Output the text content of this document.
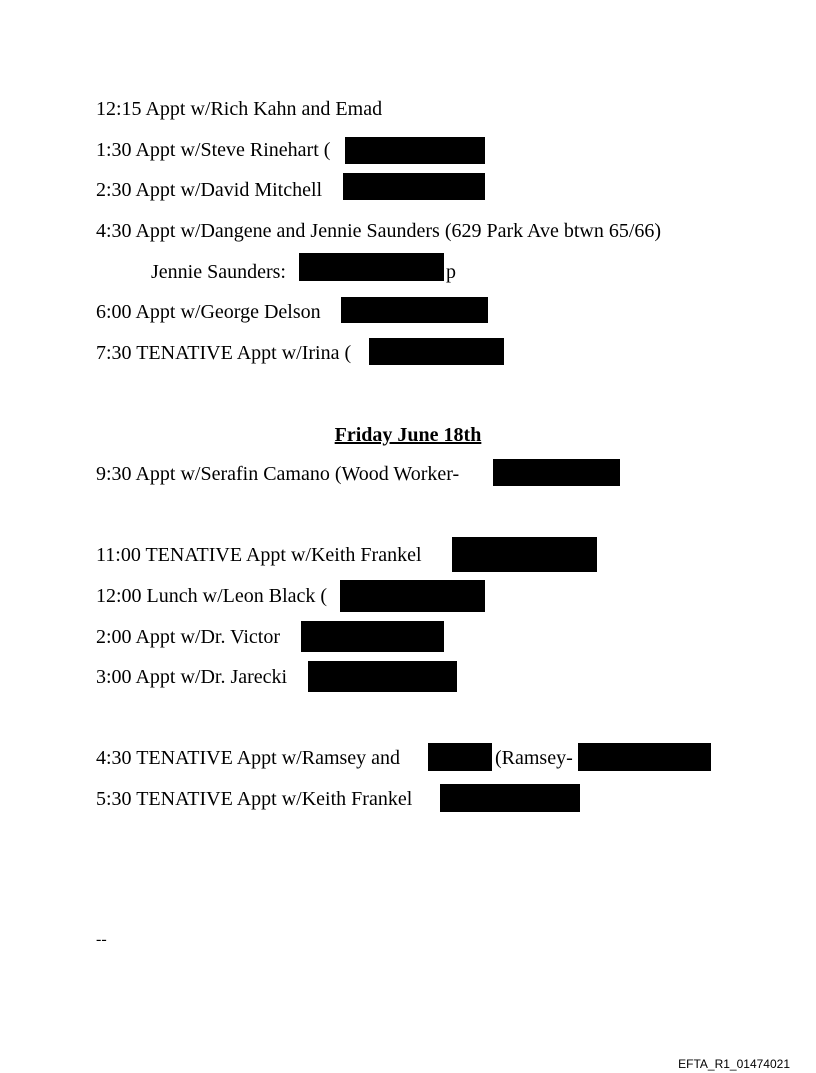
12:15 Appt w/Rich Kahn and Emad
1:30 Appt w/Steve Rinehart (
2:30 Appt w/David Mitchell
4:30 Appt w/Dangene and Jennie Saunders (629 Park Ave btwn 65/66)
Jennie Saunders:	p
6:00 Appt w/George Delson
7:30 TENATIVE Appt w/Irina (
Friday June 18th
9:30 Appt w/Serafin Camano (Wood Worker-
11:00 TENATIVE Appt w/Keith Frankel
12:00 Lunch w/Leon Black (
2:00 Appt w/Dr. Victor
3:00 Appt w/Dr. Jarecki
4:30 TENATIVE Appt w/Ramsey and	(Ramsey-
5:30 TENATIVE Appt w/Keith Frankel
--
EFTA_R1_01474021
